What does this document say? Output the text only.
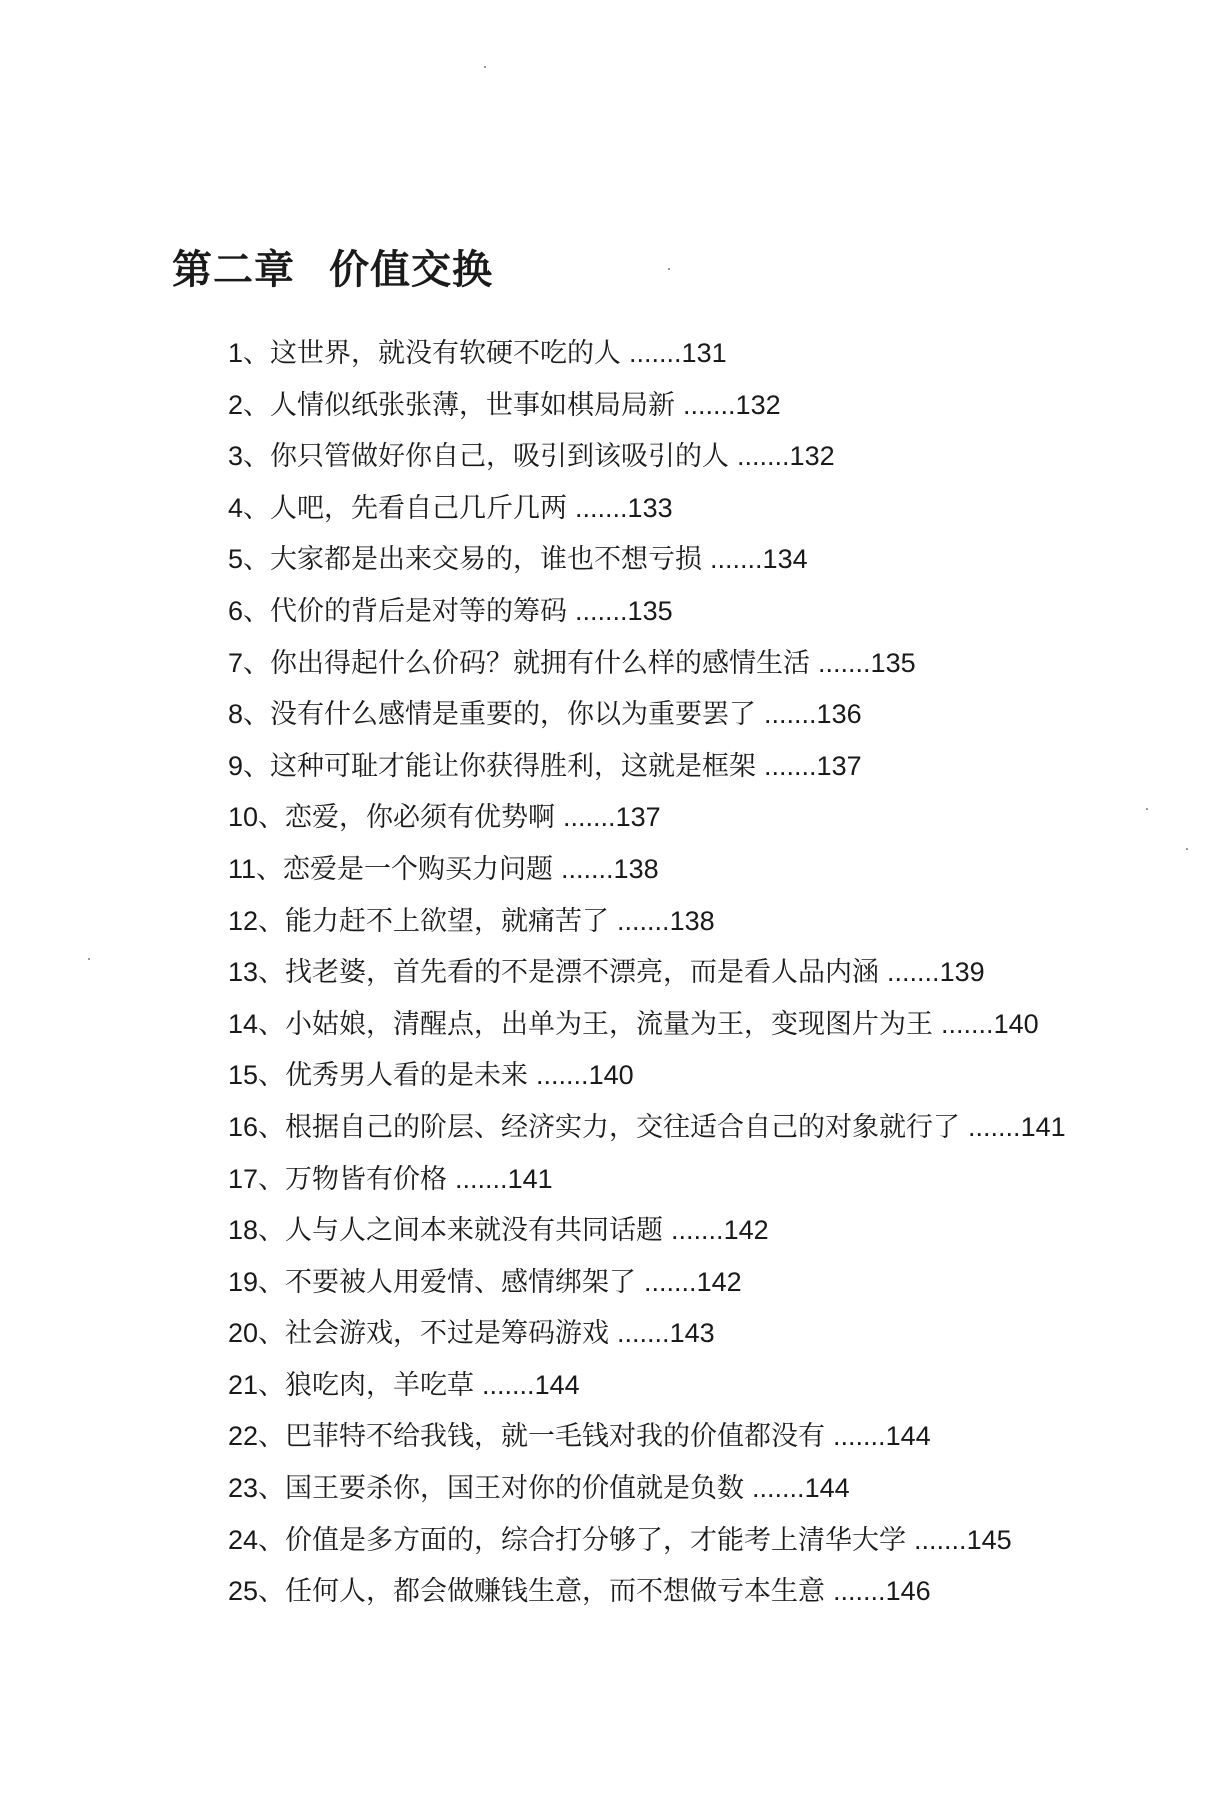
第二章 价值交换
1、这世界，就没有软硬不吃的人 .......131
2、人情似纸张张薄，世事如棋局局新 .......132
3、你只管做好你自己，吸引到该吸引的人 .......132
4、人吧，先看自己几斤几两 .......133
5、大家都是出来交易的，谁也不想亏损 .......134
6、代价的背后是对等的筹码 .......135
7、你出得起什么价码？就拥有什么样的感情生活 .......135
8、没有什么感情是重要的，你以为重要罢了 .......136
9、这种可耻才能让你获得胜利，这就是框架 .......137
10、恋爱，你必须有优势啊 .......137
11、恋爱是一个购买力问题 .......138
12、能力赶不上欲望，就痛苦了 .......138
13、找老婆，首先看的不是漂不漂亮，而是看人品内涵 .......139
14、小姑娘，清醒点，出单为王，流量为王，变现图片为王 .......140
15、优秀男人看的是未来 .......140
16、根据自己的阶层、经济实力，交往适合自己的对象就行了 .......141
17、万物皆有价格 .......141
18、人与人之间本来就没有共同话题 .......142
19、不要被人用爱情、感情绑架了 .......142
20、社会游戏，不过是筹码游戏 .......143
21、狼吃肉，羊吃草 .......144
22、巴菲特不给我钱，就一毛钱对我的价值都没有 .......144
23、国王要杀你，国王对你的价值就是负数 .......144
24、价值是多方面的，综合打分够了，才能考上清华大学 .......145
25、任何人，都会做赚钱生意，而不想做亏本生意 .......146
